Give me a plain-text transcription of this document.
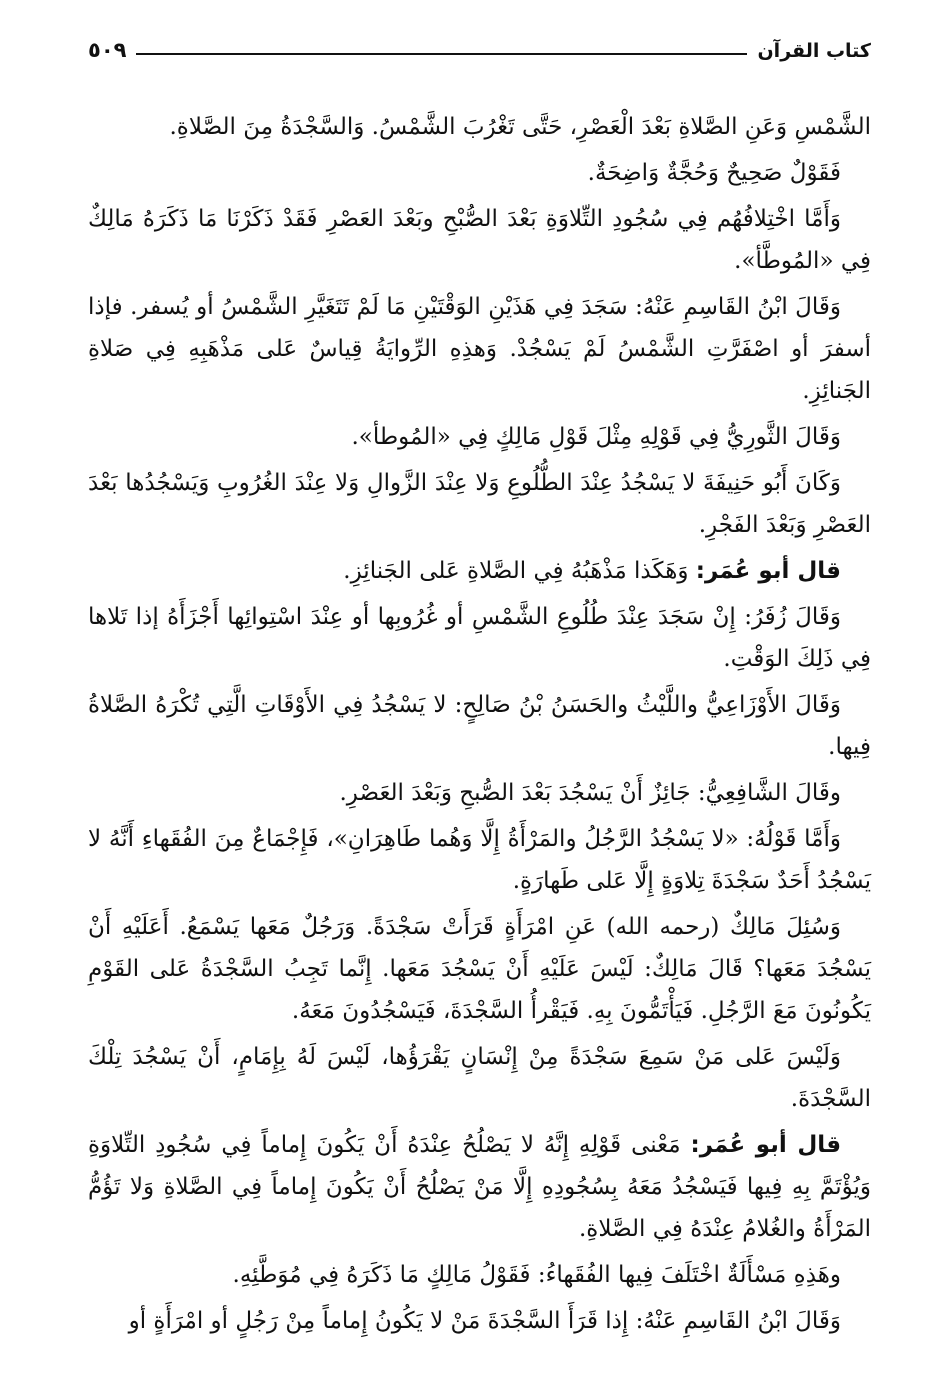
كتاب القرآن
٥٠٩

الشَّمْسِ وَعَنِ الصَّلاةِ بَعْدَ الْعَصْرِ، حَتَّى تَغْرُبَ الشَّمْسُ. وَالسَّجْدَةُ مِنَ الصَّلاةِ.

فَقَوْلٌ صَحِيحٌ وَحُجَّةٌ وَاضِحَةٌ.

وَأَمَّا اخْتِلافُهُم فِي سُجُودِ التِّلاوَةِ بَعْدَ الصُّبْحِ وبَعْدَ العَصْرِ فَقَدْ ذَكَرْنَا مَا ذَكَرَهُ مَالِكٌ فِي «المُوطَّأ».

وَقَالَ ابْنُ القَاسِمِ عَنْهُ: سَجَدَ فِي هَذَيْنِ الوَقْتَيْنِ مَا لَمْ تَتَغَيَّرِ الشَّمْسُ أو يُسفر. فإذا أسفرَ أو اصْفَرَّتِ الشَّمْسُ لَمْ يَسْجُدْ. وَهذِهِ الرِّوايَةُ قِياسٌ عَلى مَذْهَبِهِ فِي صَلاةِ الجَنائِزِ.

وَقَالَ الثَّورِيُّ فِي قَوْلِهِ مِثْلَ قَوْلِ مَالِكٍ فِي «المُوطأ».

وَكَانَ أَبُو حَنِيفَةَ لا يَسْجُدُ عِنْدَ الطُّلُوعِ وَلا عِنْدَ الزَّوالِ وَلا عِنْدَ الغُرُوبِ وَيَسْجُدُها بَعْدَ العَصْرِ وَبَعْدَ الفَجْرِ.

قال أبو عُمَر: وَهَكَذا مَذْهَبُهُ فِي الصَّلاةِ عَلى الجَنائِزِ.

وَقَالَ زُفَرُ: إِنْ سَجَدَ عِنْدَ طُلُوعِ الشَّمْسِ أو غُرُوبِها أو عِنْدَ اسْتِوائِها أَجْزَأَهُ إذا تَلاها فِي ذَلِكَ الوَقْتِ.

وَقَالَ الأَوْزَاعِيُّ واللَّيْثُ والحَسَنُ بْنُ صَالِحٍ: لا يَسْجُدُ فِي الأَوْقَاتِ الَّتِي تُكْرَهُ الصَّلاةُ فِيها.

وقَالَ الشَّافِعِيُّ: جَائِزٌ أَنْ يَسْجُدَ بَعْدَ الصُّبحِ وَبَعْدَ العَصْرِ.

وَأَمَّا قَوْلُهُ: «لا يَسْجُدُ الرَّجُلُ والمَرْأَةُ إِلَّا وَهُما طَاهِرَانِ»، فَإِجْمَاعٌ مِنَ الفُقَهاءِ أَنَّهُ لا يَسْجُدُ أَحَدٌ سَجْدَةَ تِلاوَةٍ إِلَّا عَلى طَهارَةٍ.

وَسُئِلَ مَالِكٌ (رحمه الله) عَنِ امْرَأَةٍ قَرَأَتْ سَجْدَةً. وَرَجُلٌ مَعَها يَسْمَعُ. أَعَلَيْهِ أَنْ يَسْجُدَ مَعَها؟ قَالَ مَالِكٌ: لَيْسَ عَلَيْهِ أَنْ يَسْجُدَ مَعَها. إِنَّما تَجِبُ السَّجْدَةُ عَلى القَوْمِ يَكُونُونَ مَعَ الرَّجُلِ. فَيَأْتَمُّونَ بِهِ. فَيَقْرأُ السَّجْدَةَ، فَيَسْجُدُونَ مَعَهُ.

وَلَيْسَ عَلى مَنْ سَمِعَ سَجْدَةً مِنْ إِنْسَانٍ يَقْرَؤُها، لَيْسَ لَهُ بِإِمَامٍ، أَنْ يَسْجُدَ تِلْكَ السَّجْدَةَ.

قال أبو عُمَر: مَعْنى قَوْلِهِ إِنَّهُ لا يَصْلُحُ عِنْدَهُ أَنْ يَكُونَ إِماماً فِي سُجُودِ التِّلاوَةِ وَيُؤْتَمَّ بِهِ فِيها فَيَسْجُدُ مَعَهُ بِسُجُودِهِ إِلَّا مَنْ يَصْلُحُ أَنْ يَكُونَ إِماماً فِي الصَّلاةِ وَلا تَؤُمُّ المَرْأَةُ والغُلامُ عِنْدَهُ فِي الصَّلاةِ.

وهَذِهِ مَسْأَلَةٌ اخْتَلَفَ فِيها الفُقَهاءُ: فَقَوْلُ مَالِكٍ مَا ذَكَرَهُ فِي مُوَطَّئِهِ.

وَقَالَ ابْنُ القَاسِمِ عَنْهُ: إِذا قَرَأَ السَّجْدَةَ مَنْ لا يَكُونُ إِماماً مِنْ رَجُلٍ أو امْرَأَةٍ أو
